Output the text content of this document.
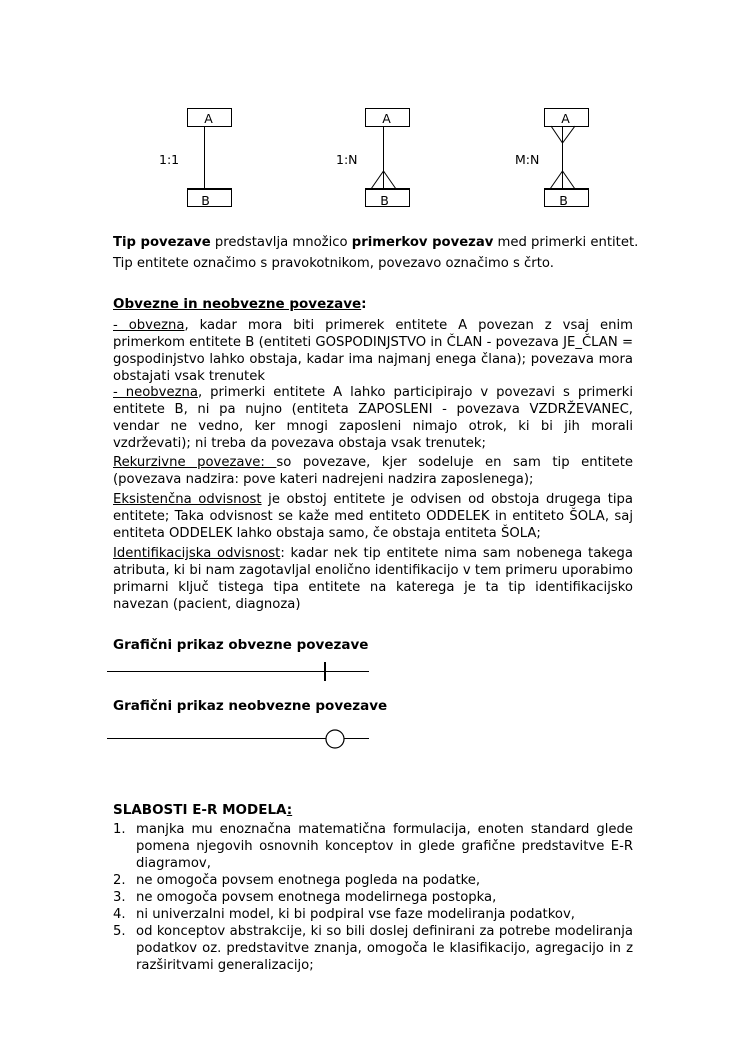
A
B
1:1
A
B
1:N
A
B
M:N
Tip povezave predstavlja množico primerkov povezav med primerki entitet.
Tip entitete označimo s pravokotnikom, povezavo označimo s črto.
Obvezne in neobvezne povezave:
- obvezna, kadar mora biti primerek entitete A povezan z vsaj enim primerkom entitete B (entiteti GOSPODINJSTVO in ČLAN - povezava JE_ČLAN = gospodinjstvo lahko obstaja, kadar ima najmanj enega člana); povezava mora obstajati vsak trenutek
- neobvezna, primerki entitete A lahko participirajo v povezavi s primerki entitete B, ni pa nujno (entiteta ZAPOSLENI - povezava VZDRŽEVANEC, vendar ne vedno, ker mnogi zaposleni nimajo otrok, ki bi jih morali vzdrževati); ni treba da povezava obstaja vsak trenutek;
Rekurzivne povezave: so povezave, kjer sodeluje en sam tip entitete (povezava nadzira: pove kateri nadrejeni nadzira zaposlenega);
Eksistenčna odvisnost je obstoj entitete je odvisen od obstoja drugega tipa entitete; Taka odvisnost se kaže med entiteto ODDELEK in entiteto ŠOLA, saj entiteta ODDELEK lahko obstaja samo, če obstaja entiteta ŠOLA;
Identifikacijska odvisnost: kadar nek tip entitete nima sam nobenega takega atributa, ki bi nam zagotavljal enolično identifikacijo v tem primeru uporabimo primarni ključ tistega tipa entitete na katerega je ta tip identifikacijsko navezan (pacient, diagnoza)
Grafični prikaz obvezne povezave
Grafični prikaz neobvezne povezave
SLABOSTI E-R MODELA:
1. manjka mu enoznačna matematična formulacija, enoten standard glede pomena njegovih osnovnih konceptov in glede grafične predstavitve E-R diagramov,
2. ne omogoča povsem enotnega pogleda na podatke,
3. ne omogoča povsem enotnega modelirnega postopka,
4. ni univerzalni model, ki bi podpiral vse faze modeliranja podatkov,
5. od konceptov abstrakcije, ki so bili doslej definirani za potrebe modeliranja podatkov oz. predstavitve znanja, omogoča le klasifikacijo, agregacijo in z razširitvami generalizacijo;
